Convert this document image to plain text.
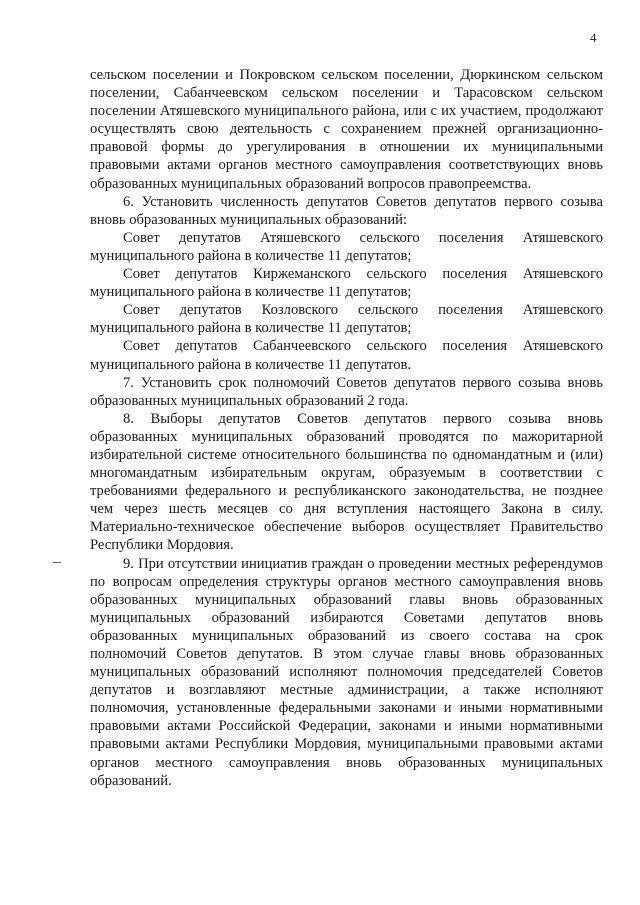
4

сельском поселении и Покровском сельском поселении, Дюркинском сельском поселении, Сабанчеевском сельском поселении и Тарасовском сельском поселении Атяшевского муниципального района, или с их участием, продолжают осуществлять свою деятельность с сохранением прежней организационно-правовой формы до урегулирования в отношении их муниципальными правовыми актами органов местного самоуправления соответствующих вновь образованных муниципальных образований вопросов правопреемства.

6. Установить численность депутатов Советов депутатов первого созыва вновь образованных муниципальных образований:

Совет депутатов Атяшевского сельского поселения Атяшевского муниципального района в количестве 11 депутатов;

Совет депутатов Киржеманского сельского поселения Атяшевского муниципального района в количестве 11 депутатов;

Совет депутатов Козловского сельского поселения Атяшевского муниципального района в количестве 11 депутатов;

Совет депутатов Сабанчеевского сельского поселения Атяшевского муниципального района в количестве 11 депутатов.

7. Установить срок полномочий Советов депутатов первого созыва вновь образованных муниципальных образований 2 года.

8. Выборы депутатов Советов депутатов первого созыва вновь образованных муниципальных образований проводятся по мажоритарной избирательной системе относительного большинства по одномандатным и (или) многомандатным избирательным округам, образуемым в соответствии с требованиями федерального и республиканского законодательства, не позднее чем через шесть месяцев со дня вступления настоящего Закона в силу. Материально-техническое обеспечение выборов осуществляет Правительство Республики Мордовия.

9. При отсутствии инициатив граждан о проведении местных референдумов по вопросам определения структуры органов местного самоуправления вновь образованных муниципальных образований главы вновь образованных муниципальных образований избираются Советами депутатов вновь образованных муниципальных образований из своего состава на срок полномочий Советов депутатов. В этом случае главы вновь образованных муниципальных образований исполняют полномочия председателей Советов депутатов и возглавляют местные администрации, а также исполняют полномочия, установленные федеральными законами и иными нормативными правовыми актами Российской Федерации, законами и иными нормативными правовыми актами Республики Мордовия, муниципальными правовыми актами органов местного самоуправления вновь образованных муниципальных образований.
